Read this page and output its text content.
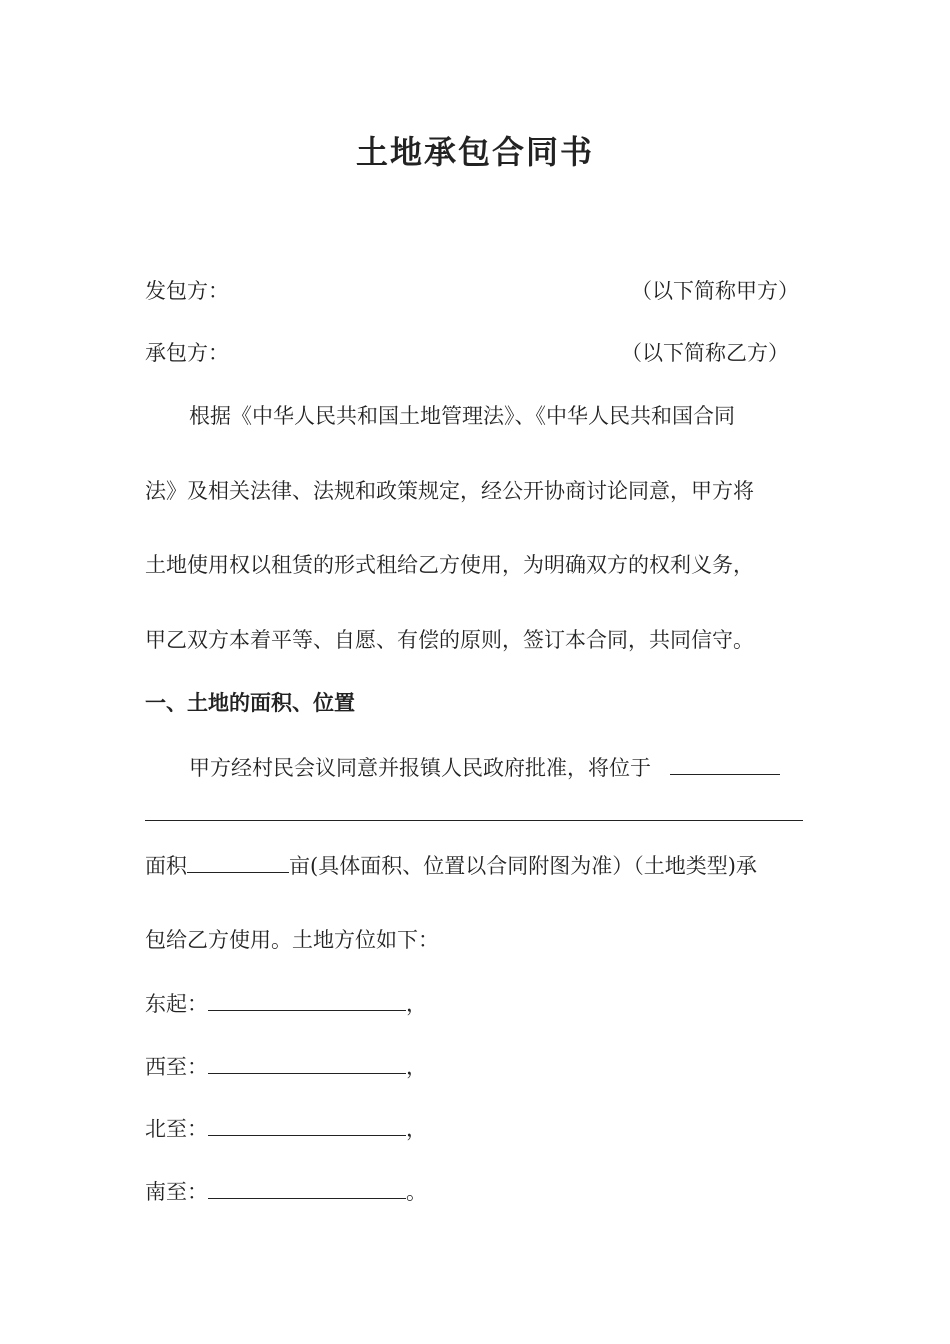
土地承包合同书
发包方：	（以下简称甲方）
承包方：	（以下简称乙方）
根据《中华人民共和国土地管理法》、《中华人民共和国合同
法》及相关法律、法规和政策规定，经公开协商讨论同意，甲方将
土地使用权以租赁的形式租给乙方使用，为明确双方的权利义务，
甲乙双方本着平等、自愿、有偿的原则，签订本合同，共同信守。
一、土地的面积、位置
甲方经村民会议同意并报镇人民政府批准，将位于
面积	亩(具体面积、位置以合同附图为准）（土地类型)承
包给乙方使用。土地方位如下：
东起：	，
西至：	，
北至：	，
南至：	。
